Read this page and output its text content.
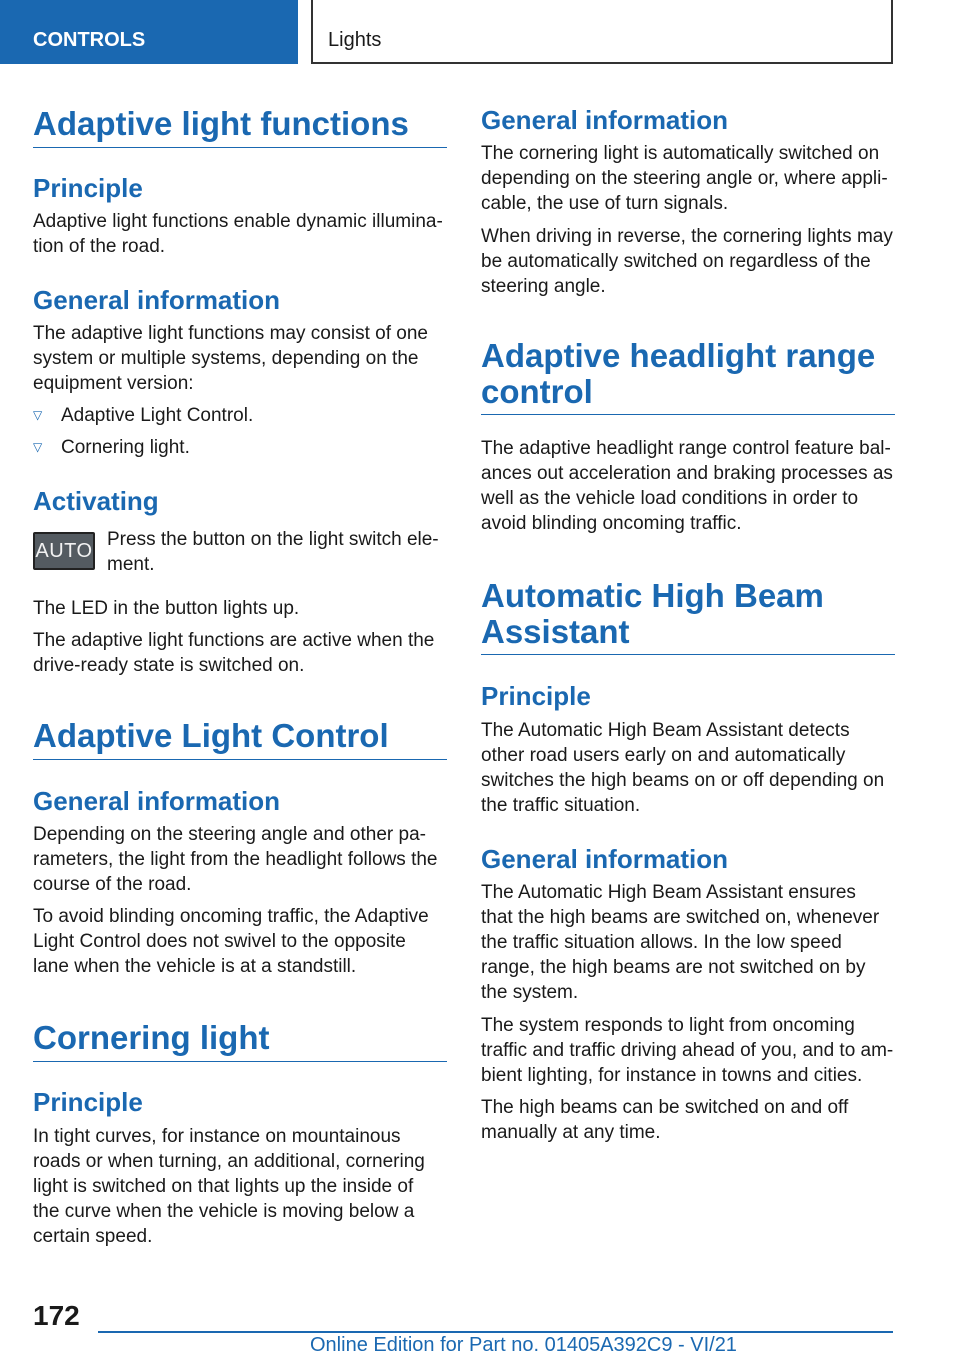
CONTROLS	Lights
Adaptive light functions
Principle
Adaptive light functions enable dynamic illumina‐
tion of the road.
General information
The adaptive light functions may consist of one
system or multiple systems, depending on the
equipment version:
▽ Adaptive Light Control.
▽ Cornering light.
Activating
AUTO
Press the button on the light switch ele‐
ment.
The LED in the button lights up.
The adaptive light functions are active when the
drive-ready state is switched on.
Adaptive Light Control
General information
Depending on the steering angle and other pa‐
rameters, the light from the headlight follows the
course of the road.
To avoid blinding oncoming traffic, the Adaptive
Light Control does not swivel to the opposite
lane when the vehicle is at a standstill.
Cornering light
Principle
In tight curves, for instance on mountainous
roads or when turning, an additional, cornering
light is switched on that lights up the inside of
the curve when the vehicle is moving below a
certain speed.
General information
The cornering light is automatically switched on
depending on the steering angle or, where appli‐
cable, the use of turn signals.
When driving in reverse, the cornering lights may
be automatically switched on regardless of the
steering angle.
Adaptive headlight range
control
The adaptive headlight range control feature bal‐
ances out acceleration and braking processes as
well as the vehicle load conditions in order to
avoid blinding oncoming traffic.
Automatic High Beam
Assistant
Principle
The Automatic High Beam Assistant detects
other road users early on and automatically
switches the high beams on or off depending on
the traffic situation.
General information
The Automatic High Beam Assistant ensures
that the high beams are switched on, whenever
the traffic situation allows. In the low speed
range, the high beams are not switched on by
the system.
The system responds to light from oncoming
traffic and traffic driving ahead of you, and to am‐
bient lighting, for instance in towns and cities.
The high beams can be switched on and off
manually at any time.
172
Online Edition for Part no. 01405A392C9 - VI/21
